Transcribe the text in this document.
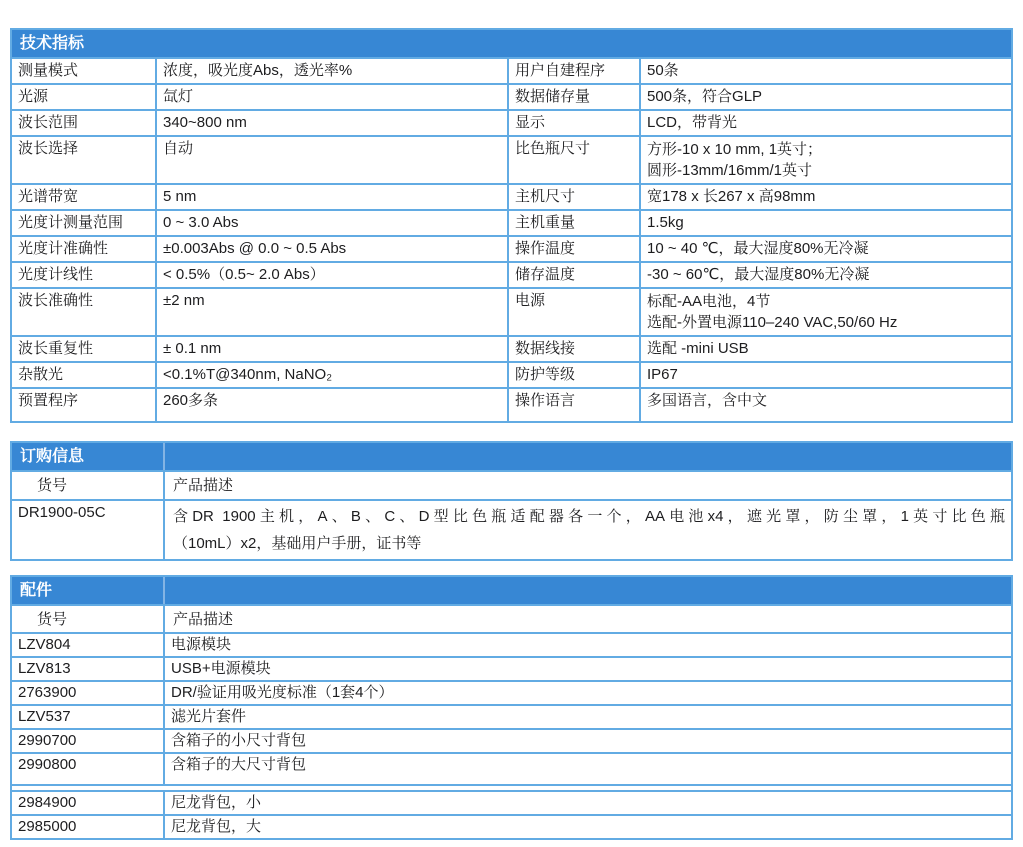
技术指标
测量模式	浓度，吸光度Abs，透光率%	用户自建程序	50条
光源	氙灯	数据储存量	500条，符合GLP
波长范围	340~800 nm	显示	LCD，带背光
波长选择	自动	比色瓶尺寸	方形-10 x 10 mm, 1英寸；
圆形-13mm/16mm/1英寸
光谱带宽	5 nm	主机尺寸	宽178 x 长267 x 高98mm
光度计测量范围	0 ~ 3.0 Abs	主机重量	1.5kg
光度计准确性	±0.003Abs @ 0.0 ~ 0.5 Abs	操作温度	10 ~ 40 ℃，最大湿度80%无冷凝
光度计线性	< 0.5%（0.5~ 2.0 Abs）	储存温度	-30 ~ 60℃，最大湿度80%无冷凝
波长准确性	±2 nm	电源	标配-AA电池，4节
选配-外置电源110–240 VAC,50/60 Hz
波长重复性	± 0.1 nm	数据线接	选配 -mini USB
杂散光	<0.1%T@340nm, NaNO₂	防护等级	IP67
预置程序	260多条	操作语言	多国语言，含中文
订购信息
货号	产品描述
DR1900-05C	含DR 1900主机，A、B、C、D型比色瓶适配器各一个，AA电池x4，遮光罩，防尘罩，1英寸比色瓶
（10mL）x2，基础用户手册，证书等
配件
货号	产品描述
LZV804	电源模块
LZV813	USB+电源模块
2763900	DR/验证用吸光度标准（1套4个）
LZV537	滤光片套件
2990700	含箱子的小尺寸背包
2990800	含箱子的大尺寸背包
2984900	尼龙背包，小
2985000	尼龙背包，大
